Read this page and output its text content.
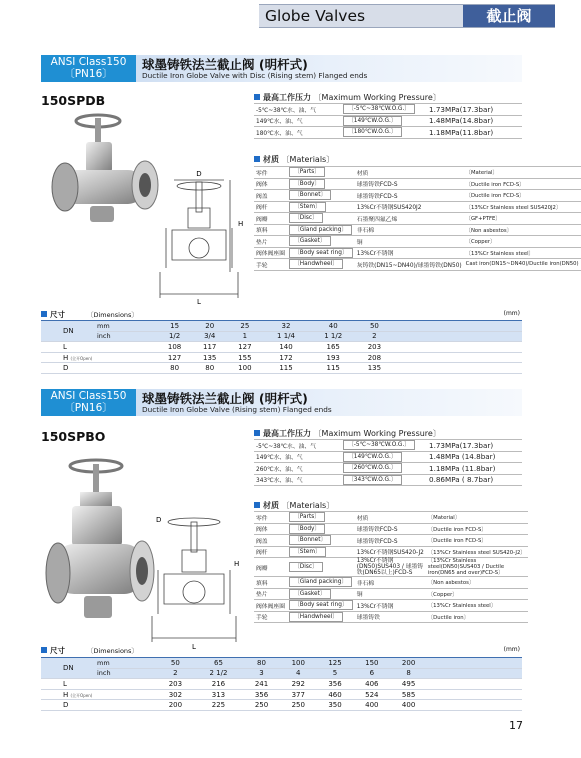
Globe Valves	截止阀
ANSI Class150
〔PN16〕
球墨铸铁法兰截止阀 (明杆式)
Ductile Iron Globe Valve with Disc (Rising stem) Flanged ends
150SPDB
D
H
L
最高工作压力 〔Maximum Working Pressure〕
-5℃~38℃水、油、气	〔-5℃~38℃W.O.G.〕	1.73MPa(17.3bar)
149℃水、油、气	〔149℃W.O.G.〕	1.48MPa(14.8bar)
180℃水、油、气	〔180℃W.O.G.〕	1.18MPa(11.8bar)
材质 〔Materials〕
零件	〔Parts〕	材质	〔Material〕
阀体	〔Body〕	球墨铸铁FCD-S	〔Ductile iron FCD-S〕
阀盖	〔Bonnet〕	球墨铸铁FCD-S	〔Ductile iron FCD-S〕
阀杆	〔Stem〕	13%Cr不锈钢SUS420J2	〔13%Cr Stainless steel SUS420J2〕
阀瓣	〔Disc〕	石墨聚四氟乙烯	〔GF+PTFE〕
填料	〔Gland packing〕	非石棉	〔Non asbestos〕
垫片	〔Gasket〕	铜	〔Copper〕
阀体阀座圈	〔Body seat ring〕	13%Cr不锈钢	〔13%Cr Stainless steel〕
手轮	〔Handwheel〕	灰铸铁(DN15~DN40)/球墨铸铁(DN50)	Cast iron(DN15~DN40)/Ductile iron(DN50)
尺寸	〔Dimensions〕	(mm)
DN	mm	15	20	25	32	40	50	
	inch	1/2	3/4	1	1 1/4	1 1/2	2	
L		108	117	127	140	165	203	
H (全开Open)		127	135	155	172	193	208	
D		80	80	100	115	115	135	
ANSI Class150
〔PN16〕
球墨铸铁法兰截止阀 (明杆式)
Ductile Iron Globe Valve (Rising stem) Flanged ends
150SPBO
D
H
L
最高工作压力 〔Maximum Working Pressure〕
-5℃~38℃水、油、气	〔-5℃~38℃W.O.G.〕	1.73MPa(17.3bar)
149℃水、油、气	〔149℃W.O.G.〕	1.48MPa (14.8bar)
260℃水、油、气	〔260℃W.O.G.〕	1.18MPa (11.8bar)
343℃水、油、气	〔343℃W.O.G.〕	0.86MPa ( 8.7bar)
材质 〔Materials〕
零件	〔Parts〕	材质	〔Material〕
阀体	〔Body〕	球墨铸铁FCD-S	〔Ductile iron FCD-S〕
阀盖	〔Bonnet〕	球墨铸铁FCD-S	〔Ductile iron FCD-S〕
阀杆	〔Stem〕	13%Cr不锈钢SUS420-J2	〔13%Cr Stainless steel SUS420-J2〕
阀瓣	〔Disc〕	13%Cr不锈钢(DN50)SUS403 / 球墨铸铁(DN65以上)FCD-S	〔13%Cr Stainless steel(DN50)SUS403 / Ductile iron(DN65 and over)FCD-S〕
填料	〔Gland packing〕	非石棉	〔Non asbestos〕
垫片	〔Gasket〕	铜	〔Copper〕
阀体阀座圈	〔Body seat ring〕	13%Cr不锈钢	〔13%Cr Stainless steel〕
手轮	〔Handwheel〕	球墨铸铁	〔Ductile iron〕
尺寸	〔Dimensions〕	(mm)
DN	mm	50	65	80	100	125	150	200	
	inch	2	2 1/2	3	4	5	6	8	
L		203	216	241	292	356	406	495	
H (全开Open)		302	313	356	377	460	524	585	
D		200	225	250	250	350	400	400	
17
